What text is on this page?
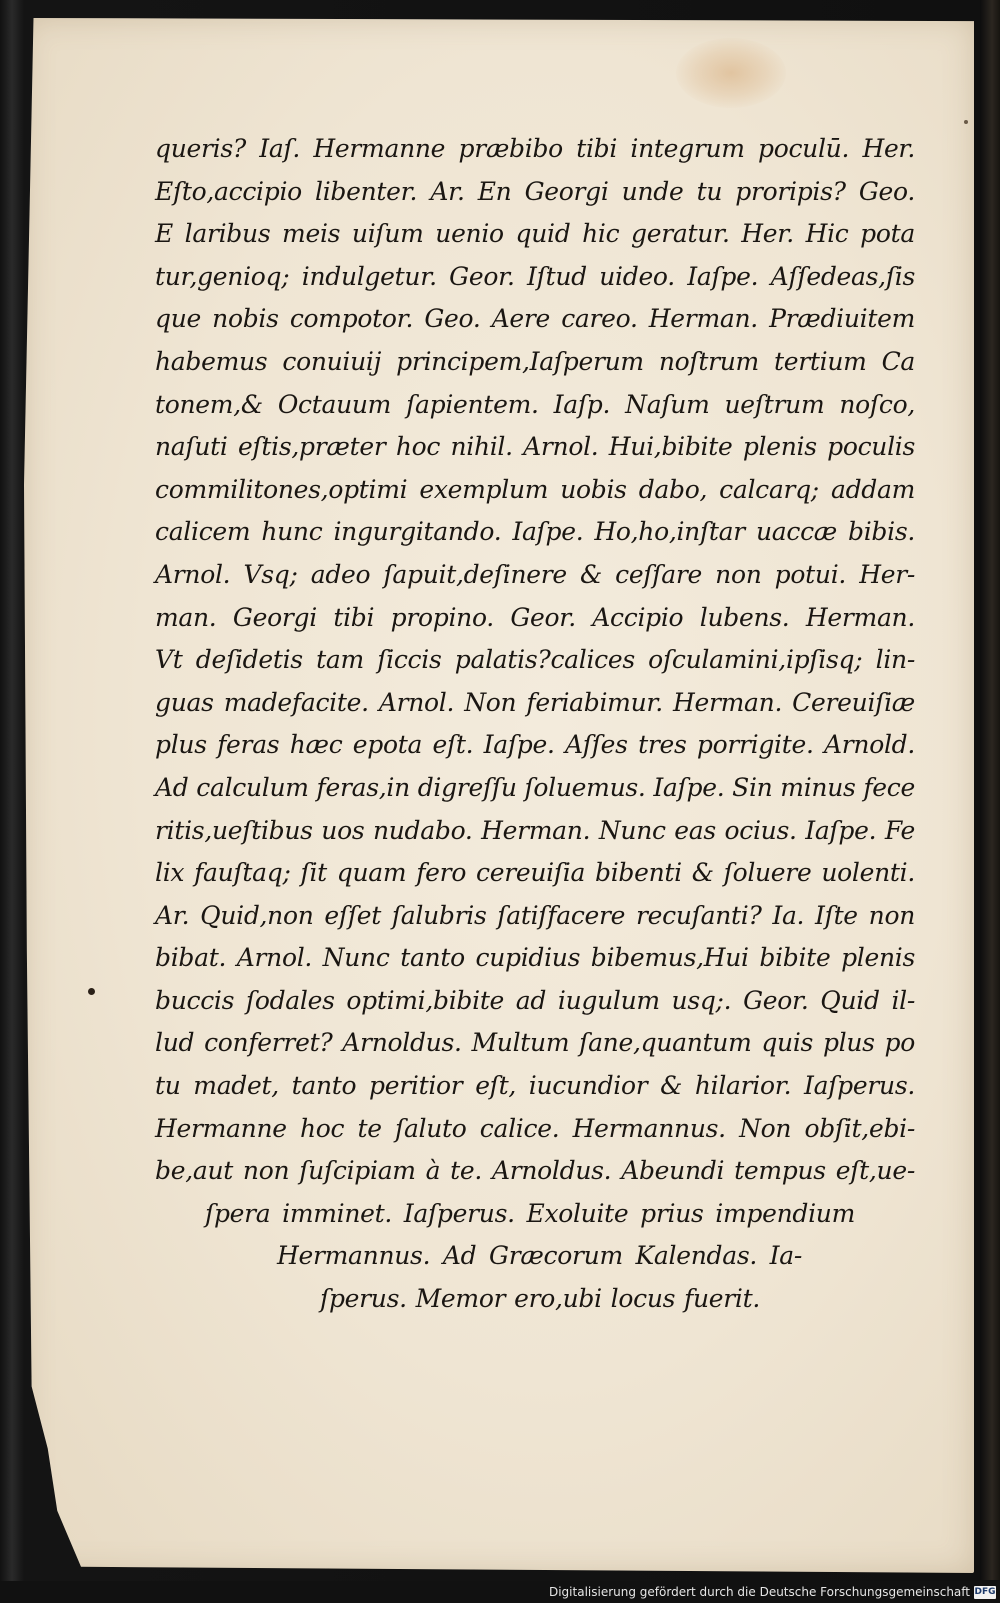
queris? Iaſ. Hermanne præbibo tibi integrum poculū. Her.
Eſto,accipio libenter. Ar. En Georgi unde tu proripis? Geo.
E laribus meis uiſum uenio quid hic geratur. Her. Hic pota
tur,genioq; indulgetur. Geor. Iſtud uideo. Iaſpe. Aſſedeas,ſis
que nobis compotor. Geo. Aere careo. Herman. Prædiuitem
habemus conuiuij principem,Iaſperum noſtrum tertium Ca
tonem,& Octauum ſapientem. Iaſp. Naſum ueſtrum noſco,
naſuti eſtis,præter hoc nihil. Arnol. Hui,bibite plenis poculis
commilitones,optimi exemplum uobis dabo, calcarq; addam
calicem hunc ingurgitando. Iaſpe. Ho,ho,inſtar uaccæ bibis.
Arnol. Vsq; adeo ſapuit,deſinere & ceſſare non potui. Her-
man. Georgi tibi propino. Geor. Accipio lubens. Herman.
Vt deſidetis tam ſiccis palatis?calices oſculamini,ipſisq; lin-
guas madefacite. Arnol. Non feriabimur. Herman. Cereuiſiæ
plus feras hæc epota eſt. Iaſpe. Aſſes tres porrigite. Arnold.
Ad calculum feras,in digreſſu ſoluemus. Iaſpe. Sin minus fece
ritis,ueſtibus uos nudabo. Herman. Nunc eas ocius. Iaſpe. Fe
lix fauſtaq; ſit quam fero cereuiſia bibenti & ſoluere uolenti.
Ar. Quid,non eſſet ſalubris ſatiſfacere recuſanti? Ia. Iſte non
bibat. Arnol. Nunc tanto cupidius bibemus,Hui bibite plenis
buccis ſodales optimi,bibite ad iugulum usq;. Geor. Quid il-
lud conferret? Arnoldus. Multum ſane,quantum quis plus po
tu madet, tanto peritior eſt, iucundior & hilarior. Iaſperus.
Hermanne hoc te ſaluto calice. Hermannus. Non obſit,ebi-
be,aut non ſuſcipiam à te. Arnoldus. Abeundi tempus eſt,ue-
ſpera imminet. Iaſperus. Exoluite prius impendium
Hermannus. Ad Græcorum Kalendas. Ia-
ſperus. Memor ero,ubi locus fuerit.
Digitalisierung gefördert durch die Deutsche Forschungsgemeinschaft DFG
